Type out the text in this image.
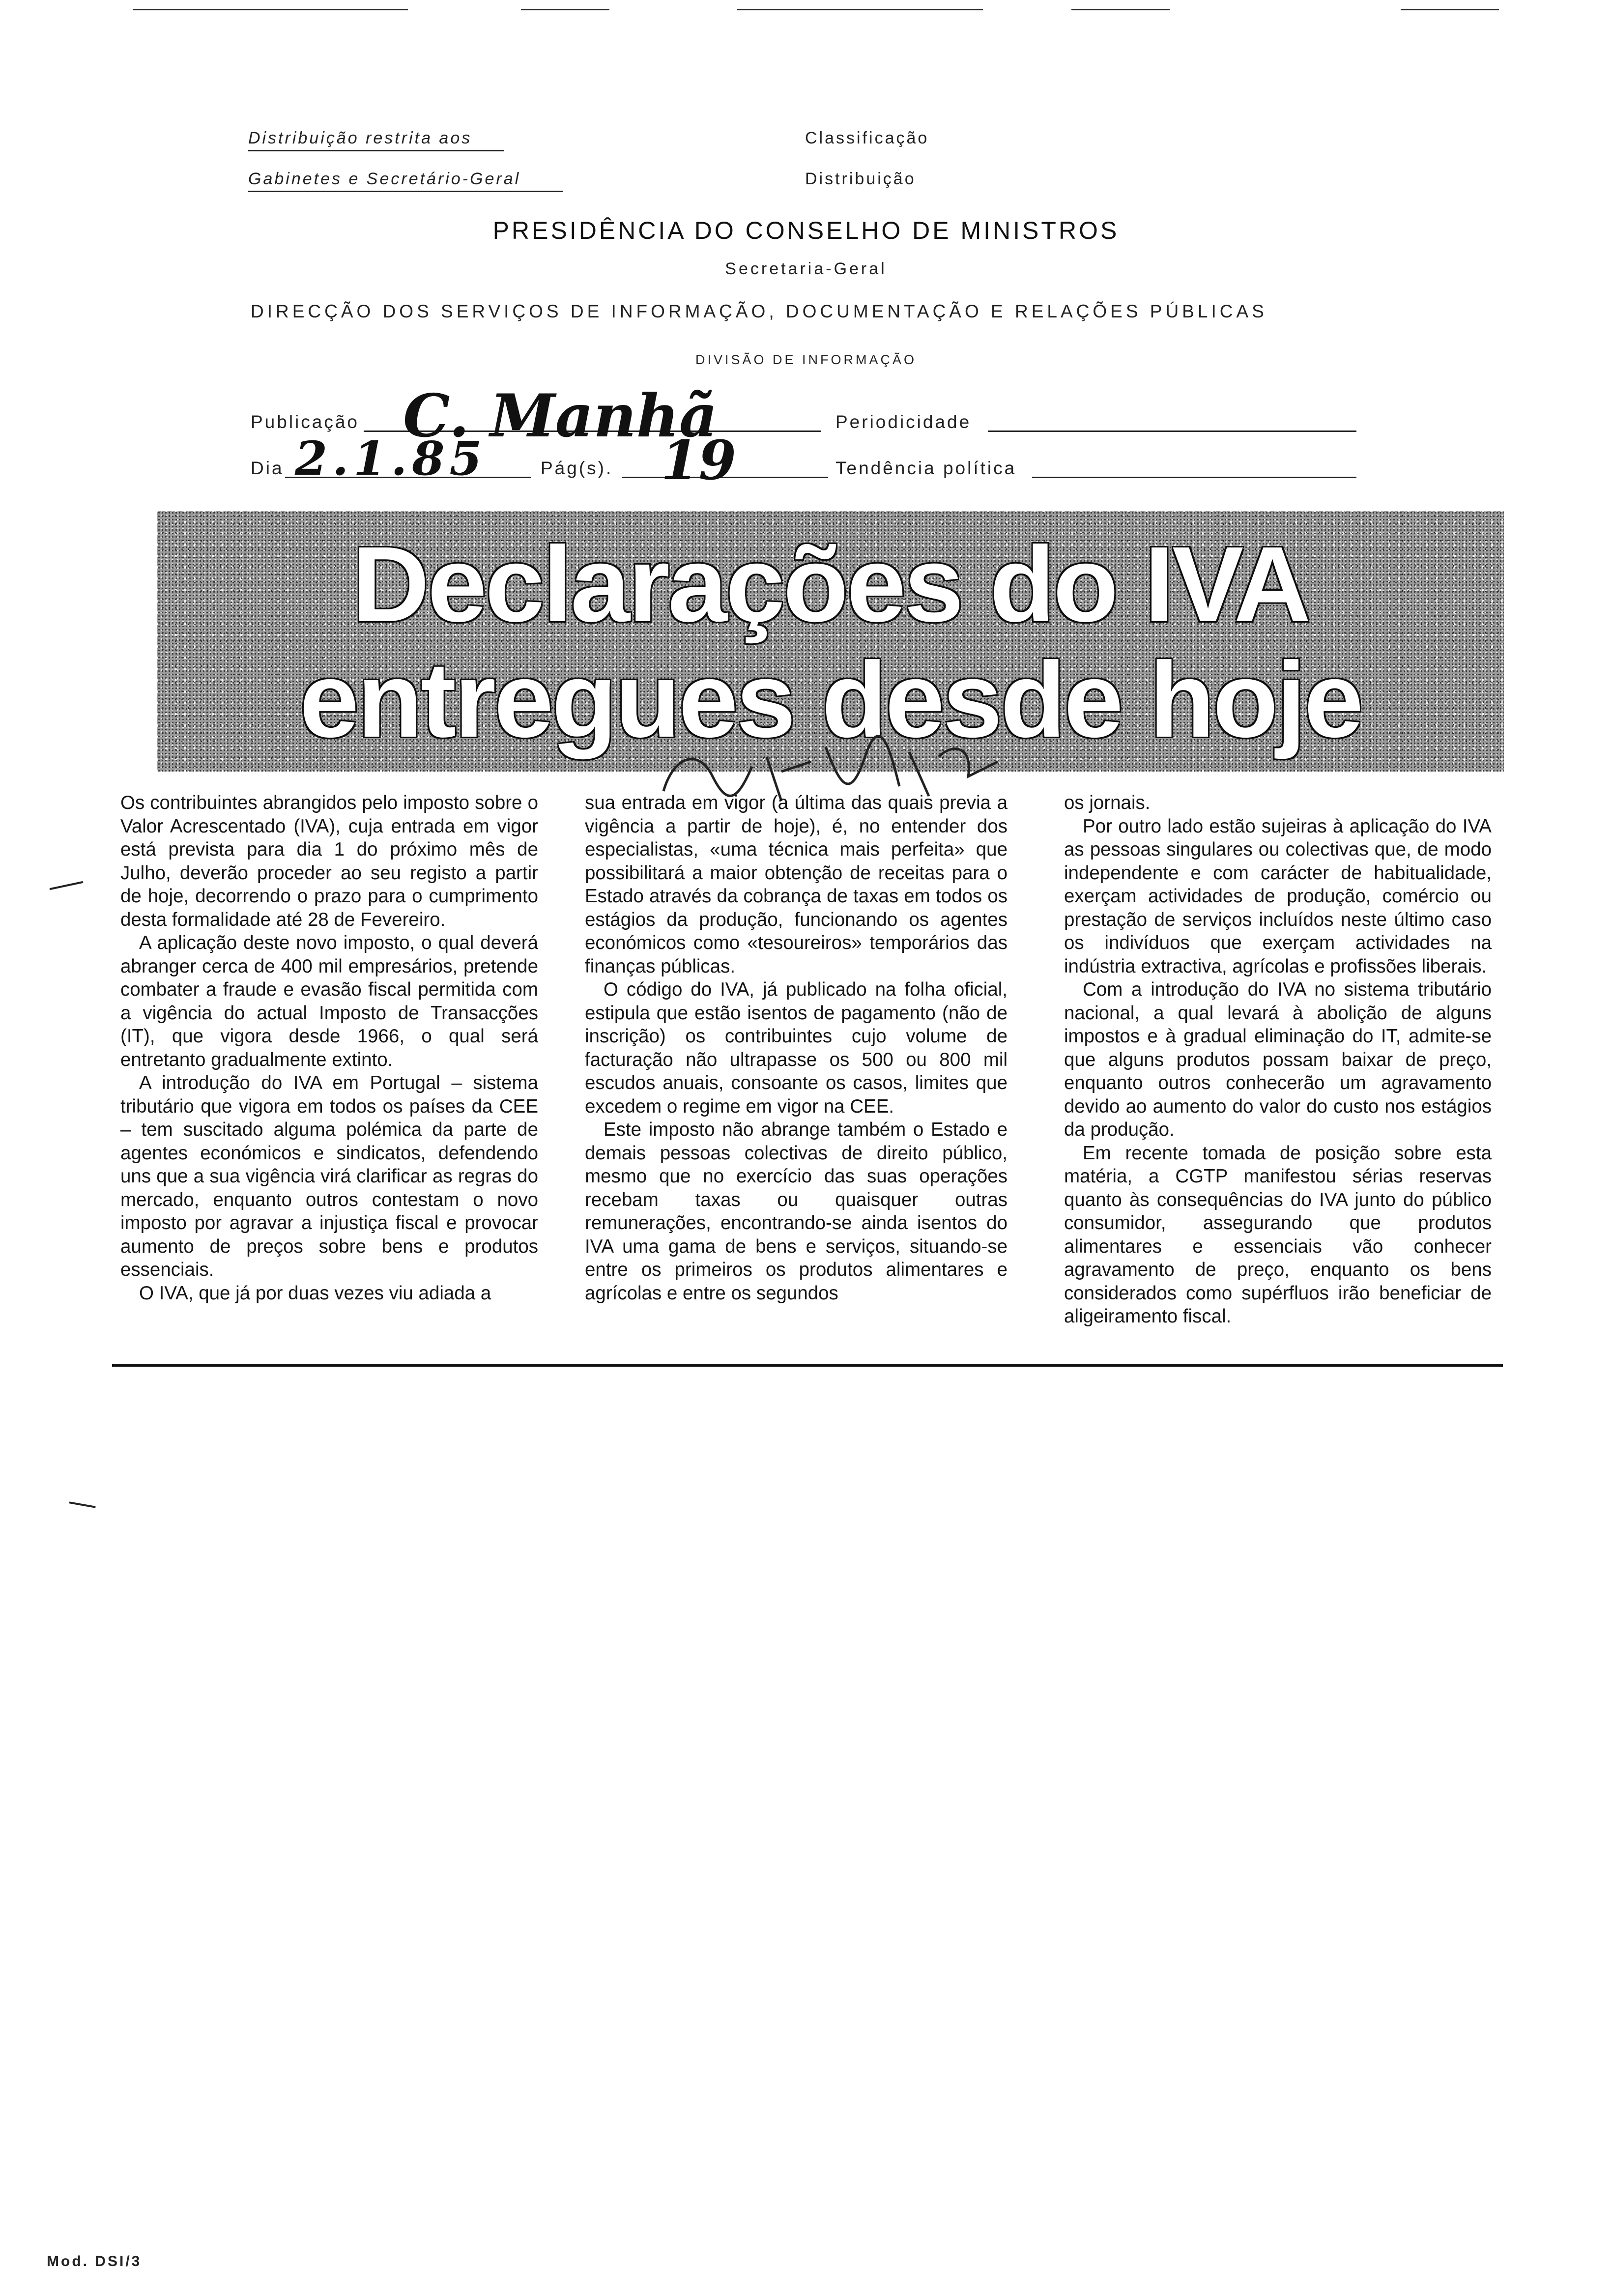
Distribuição restrita aos
Gabinetes e Secretário-Geral
Classificação
Distribuição
PRESIDÊNCIA DO CONSELHO DE MINISTROS
Secretaria-Geral
DIRECÇÃO DOS SERVIÇOS DE INFORMAÇÃO, DOCUMENTAÇÃO E RELAÇÕES PÚBLICAS
DIVISÃO DE INFORMAÇÃO
Publicação C. Manhã	Periodicidade
Dia 2.1.85	Pág(s). 19	Tendência política
Declarações do IVA
entregues desde hoje

Os contribuintes abrangidos pelo imposto sobre o Valor Acrescentado (IVA), cuja entrada em vigor está prevista para dia 1 do próximo mês de Julho, deverão proceder ao seu registo a partir de hoje, decorrendo o prazo para o cumprimento desta formalidade até 28 de Fevereiro.

A aplicação deste novo imposto, o qual deverá abranger cerca de 400 mil empresários, pretende combater a fraude e evasão fiscal permitida com a vigência do actual Imposto de Transacções (IT), que vigora desde 1966, o qual será entretanto gradualmente extinto.

A introdução do IVA em Portugal – sistema tributário que vigora em todos os países da CEE – tem suscitado alguma polémica da parte de agentes económicos e sindicatos, defendendo uns que a sua vigência virá clarificar as regras do mercado, enquanto outros contestam o novo imposto por agravar a injustiça fiscal e provocar aumento de preços sobre bens e produtos essenciais.

O IVA, que já por duas vezes viu adiada a

sua entrada em vigor (a última das quais previa a vigência a partir de hoje), é, no entender dos especialistas, «uma técnica mais perfeita» que possibilitará a maior obtenção de receitas para o Estado através da cobrança de taxas em todos os estágios da produção, funcionando os agentes económicos como «tesoureiros» temporários das finanças públicas.

O código do IVA, já publicado na folha oficial, estipula que estão isentos de pagamento (não de inscrição) os contribuintes cujo volume de facturação não ultrapasse os 500 ou 800 mil escudos anuais, consoante os casos, limites que excedem o regime em vigor na CEE.

Este imposto não abrange também o Estado e demais pessoas colectivas de direito público, mesmo que no exercício das suas operações recebam taxas ou quaisquer outras remunerações, encontrando-se ainda isentos do IVA uma gama de bens e serviços, situando-se entre os primeiros os produtos alimentares e agrícolas e entre os segundos

os jornais.

Por outro lado estão sujeiras à aplicação do IVA as pessoas singulares ou colectivas que, de modo independente e com carácter de habitualidade, exerçam actividades de produção, comércio ou prestação de serviços incluídos neste último caso os indivíduos que exerçam actividades na indústria extractiva, agrícolas e profissões liberais.

Com a introdução do IVA no sistema tributário nacional, a qual levará à abolição de alguns impostos e à gradual eliminação do IT, admite-se que alguns produtos possam baixar de preço, enquanto outros conhecerão um agravamento devido ao aumento do valor do custo nos estágios da produção.

Em recente tomada de posição sobre esta matéria, a CGTP manifestou sérias reservas quanto às consequências do IVA junto do público consumidor, assegurando que produtos alimentares e essenciais vão conhecer agravamento de preço, enquanto os bens considerados como supérfluos irão beneficiar de aligeiramento fiscal.

Mod. DSI/3
